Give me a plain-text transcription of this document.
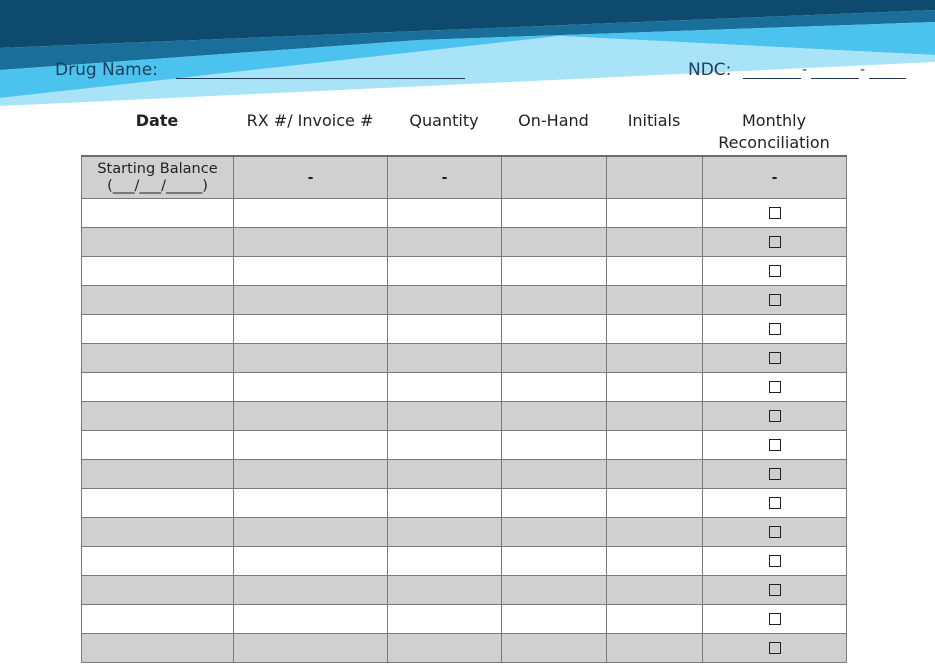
Drug Name:	NDC:	-	-
Date	RX #/ Invoice #	Quantity	On-Hand	Initials	Monthly
Reconciliation
Starting Balance
(___/___/_____)	-	-			-
